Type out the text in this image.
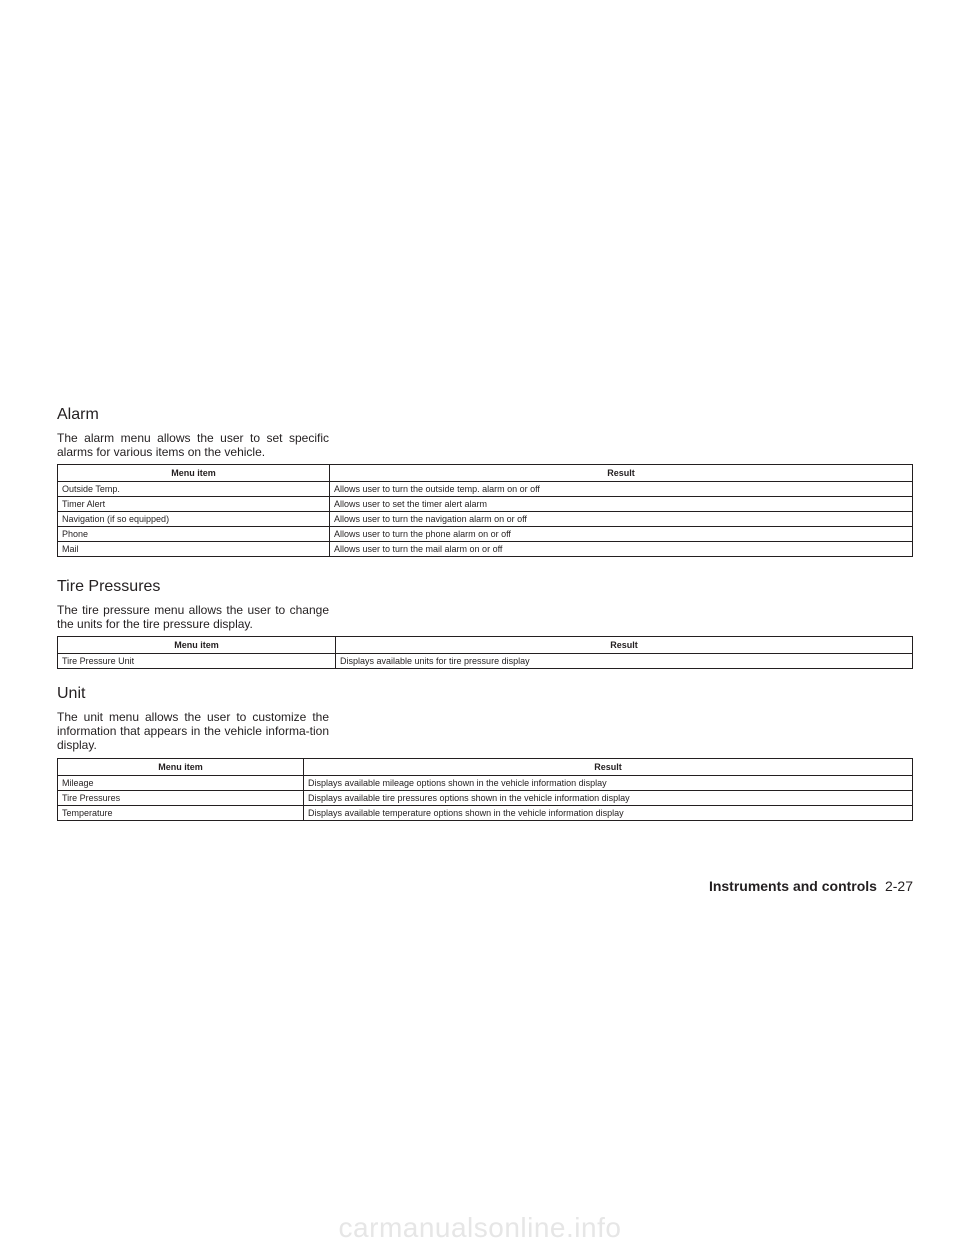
Alarm

The alarm menu allows the user to set specific alarms for various items on the vehicle.

Menu item	Result
Outside Temp.	Allows user to turn the outside temp. alarm on or off
Timer Alert	Allows user to set the timer alert alarm
Navigation (if so equipped)	Allows user to turn the navigation alarm on or off
Phone	Allows user to turn the phone alarm on or off
Mail	Allows user to turn the mail alarm on or off
Tire Pressures

The tire pressure menu allows the user to change the units for the tire pressure display.

Menu item	Result
Tire Pressure Unit	Displays available units for tire pressure display
Unit

The unit menu allows the user to customize the information that appears in the vehicle informa-tion display.

Menu item	Result
Mileage	Displays available mileage options shown in the vehicle information display
Tire Pressures	Displays available tire pressures options shown in the vehicle information display
Temperature	Displays available temperature options shown in the vehicle information display
Instruments and controls 2-27
carmanualsonline.info
